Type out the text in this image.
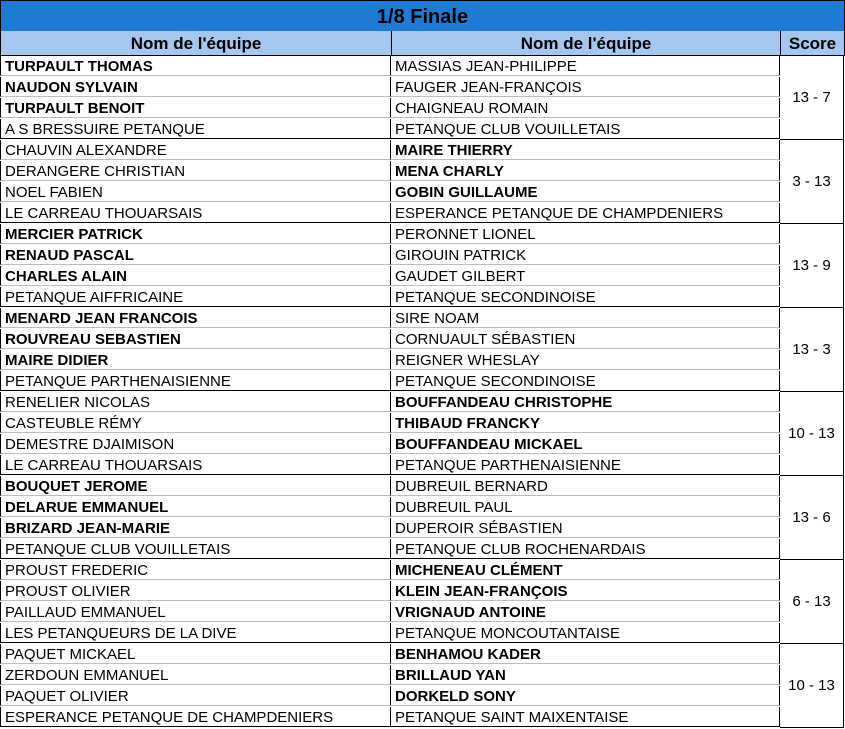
1/8 Finale
Nom de l'équipe	Nom de l'équipe	Score
TURPAULT THOMAS	MASSIAS JEAN-PHILIPPE
NAUDON SYLVAIN	FAUGER JEAN-FRANÇOIS
TURPAULT BENOIT	CHAIGNEAU ROMAIN
A S BRESSUIRE PETANQUE	PETANQUE CLUB VOUILLETAIS
13 - 7
CHAUVIN ALEXANDRE	MAIRE THIERRY
DERANGERE CHRISTIAN	MENA CHARLY
NOEL FABIEN	GOBIN GUILLAUME
LE CARREAU THOUARSAIS	ESPERANCE PETANQUE DE CHAMPDENIERS
3 - 13
MERCIER PATRICK	PERONNET LIONEL
RENAUD PASCAL	GIROUIN PATRICK
CHARLES ALAIN	GAUDET GILBERT
PETANQUE AIFFRICAINE	PETANQUE SECONDINOISE
13 - 9
MENARD JEAN FRANCOIS	SIRE NOAM
ROUVREAU SEBASTIEN	CORNUAULT SÉBASTIEN
MAIRE DIDIER	REIGNER WHESLAY
PETANQUE PARTHENAISIENNE	PETANQUE SECONDINOISE
13 - 3
RENELIER NICOLAS	BOUFFANDEAU CHRISTOPHE
CASTEUBLE RÉMY	THIBAUD FRANCKY
DEMESTRE DJAIMISON	BOUFFANDEAU MICKAEL
LE CARREAU THOUARSAIS	PETANQUE PARTHENAISIENNE
10 - 13
BOUQUET JEROME	DUBREUIL BERNARD
DELARUE EMMANUEL	DUBREUIL PAUL
BRIZARD JEAN-MARIE	DUPEROIR SÉBASTIEN
PETANQUE CLUB VOUILLETAIS	PETANQUE CLUB ROCHENARDAIS
13 - 6
PROUST FREDERIC	MICHENEAU CLÉMENT
PROUST OLIVIER	KLEIN JEAN-FRANÇOIS
PAILLAUD EMMANUEL	VRIGNAUD ANTOINE
LES PETANQUEURS DE LA DIVE	PETANQUE MONCOUTANTAISE
6 - 13
PAQUET MICKAEL	BENHAMOU KADER
ZERDOUN EMMANUEL	BRILLAUD YAN
PAQUET OLIVIER	DORKELD SONY
ESPERANCE PETANQUE DE CHAMPDENIERS	PETANQUE SAINT MAIXENTAISE
10 - 13
